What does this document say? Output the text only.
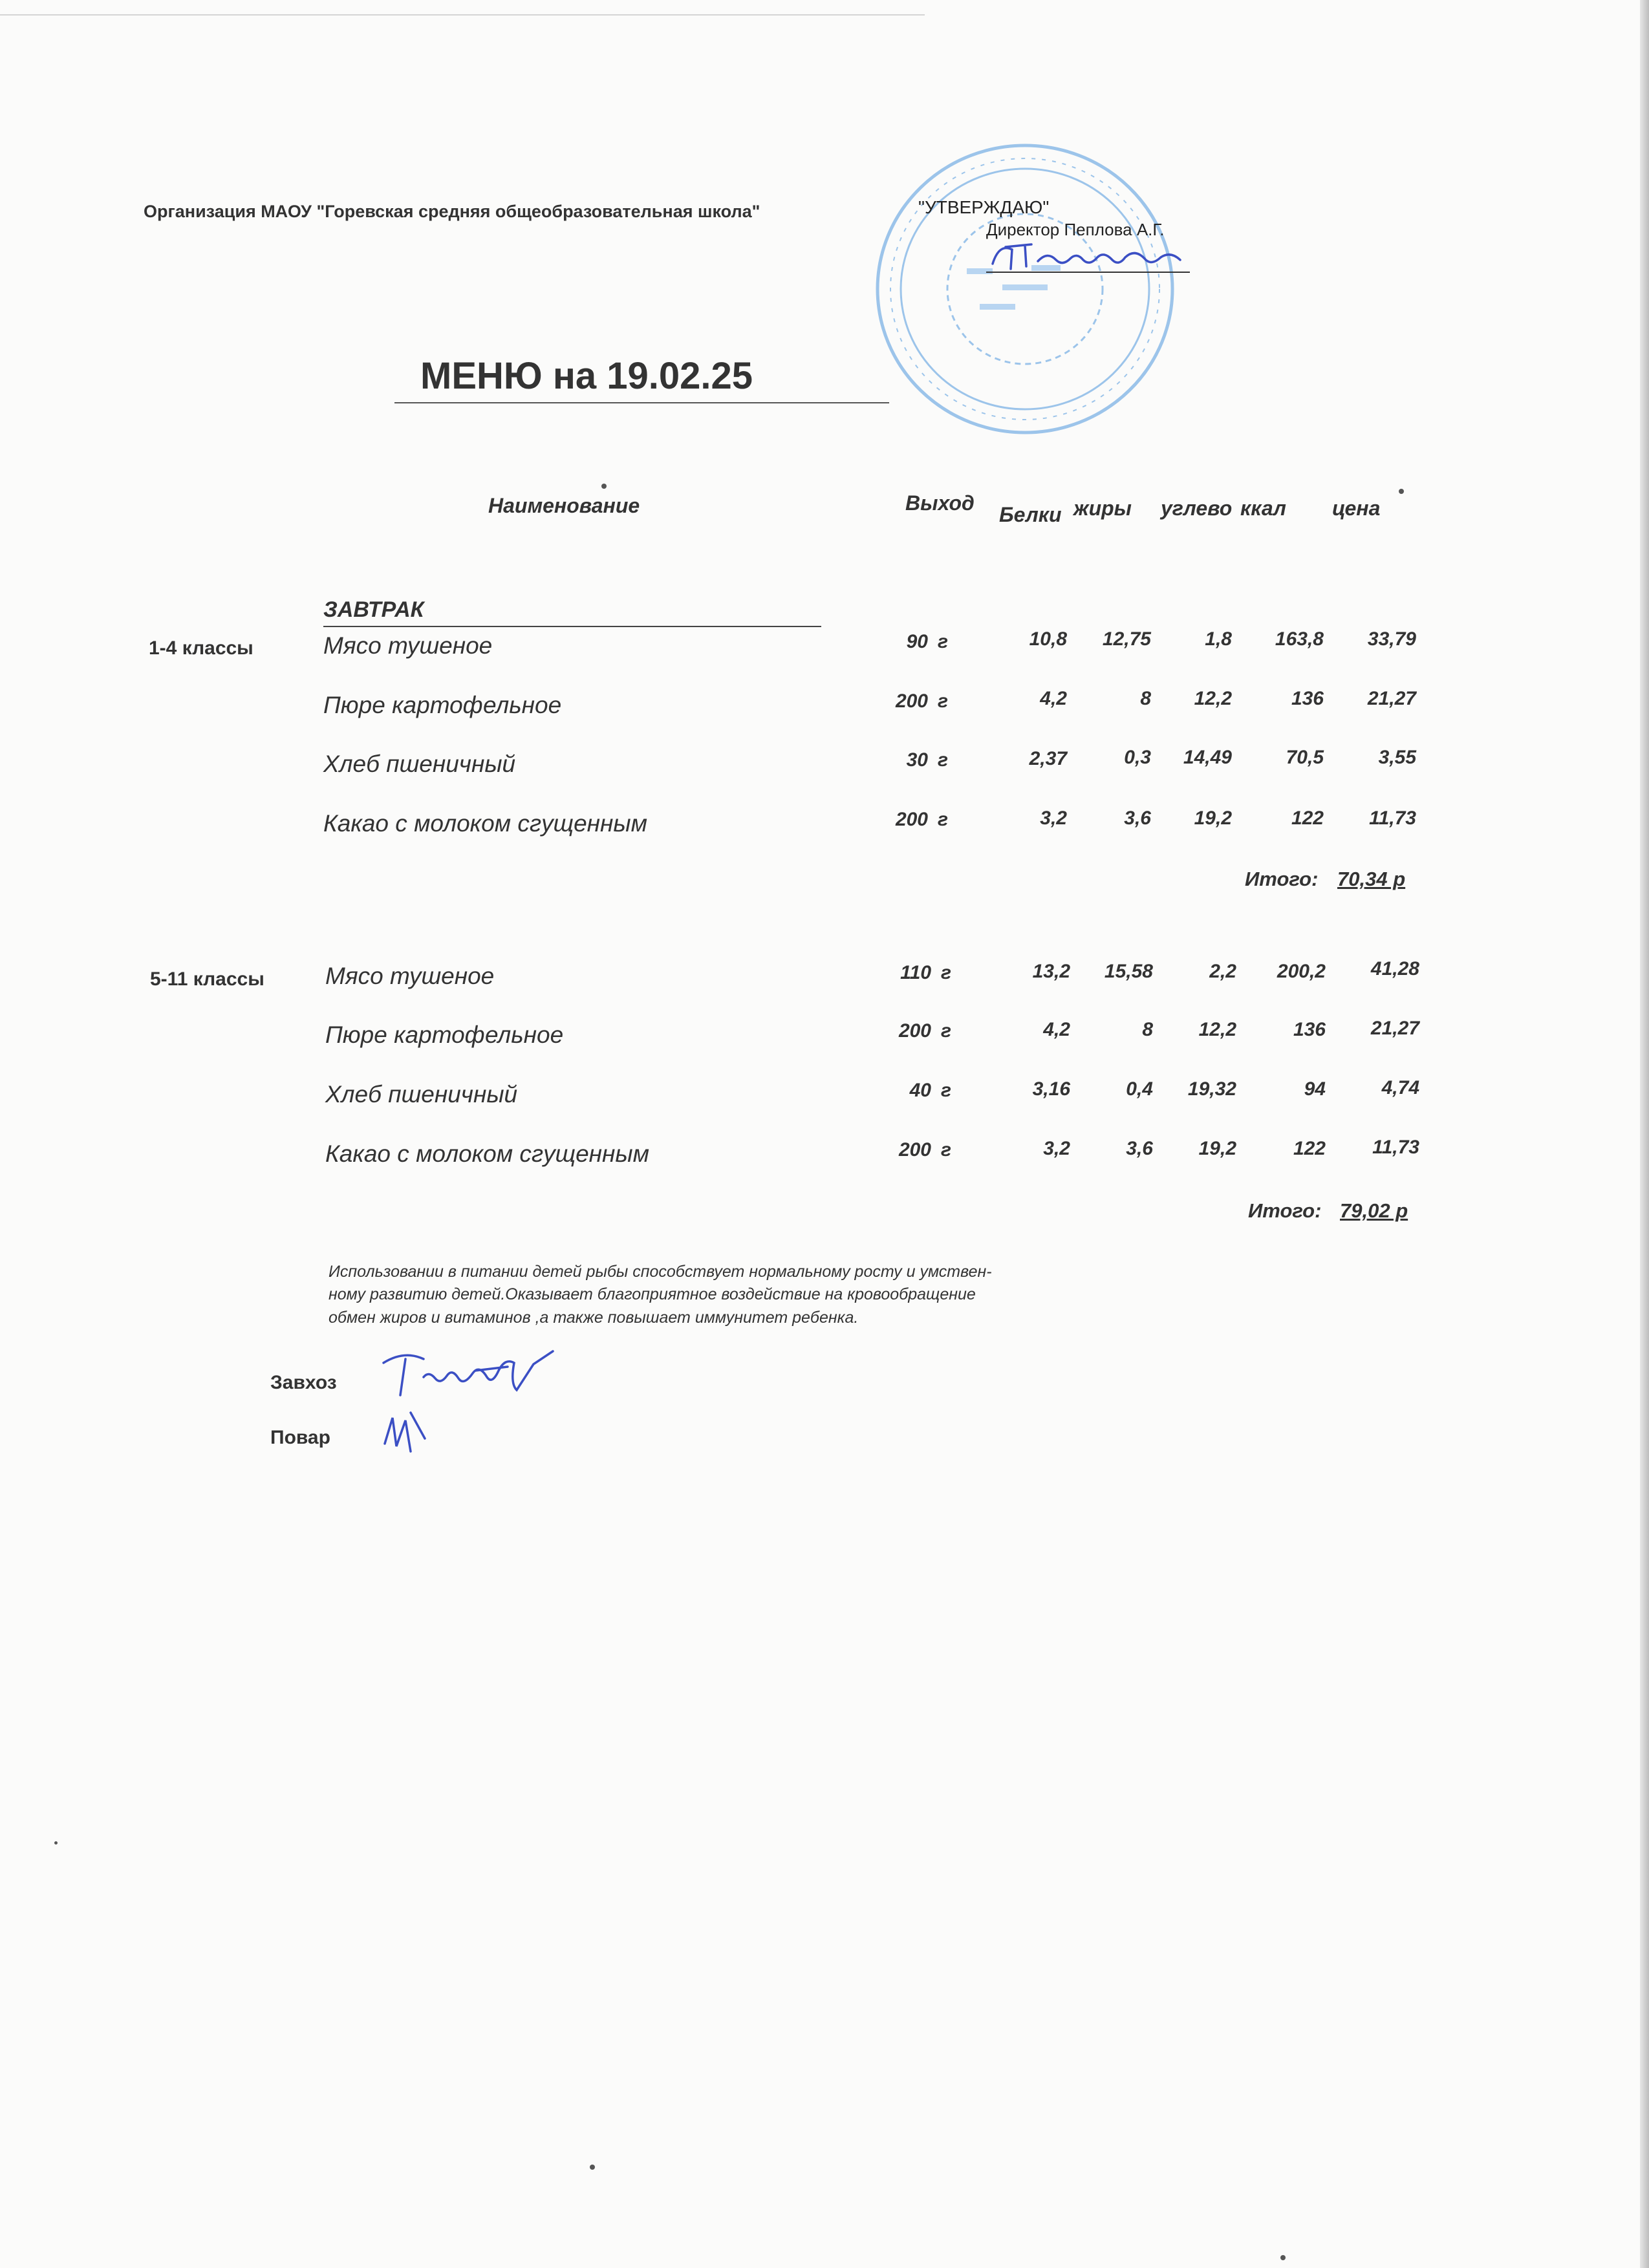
Организация МАОУ "Горевская средняя общеобразовательная школа"	"УТВЕРЖДАЮ"
Директор Пеплова А.Г.
МЕНЮ на 19.02.25
Наименование	Выход Белки жиры углево ккал цена
ЗАВТРАК
1-4 классы	Мясо тушеное	90 г	10,8 12,75	1,8 163,8 33,79
Пюре картофельное	200 г	4,2	8 12,2	136 21,27
Хлеб пшеничный	30 г	2,37	0,3 14,49	70,5	3,55
Какао с молоком сгущенным	200 г	3,2	3,6 19,2	122 11,73
Итого: 70,34 р
5-11 классы	Мясо тушеное	110 г	13,2 15,58	2,2 200,2 41,28
Пюре картофельное	200 г	4,2	8 12,2	136 21,27
Хлеб пшеничный	40 г	3,16	0,4 19,32	94	4,74
Какао с молоком сгущенным	200 г	3,2	3,6 19,2	122 11,73
Итого: 79,02 р
Использовании в питании детей рыбы способствует нормальному росту и умствен-
ному развитию детей.Оказывает благоприятное воздействие на кровообращение
обмен жиров и витаминов ,а также повышает иммунитет ребенка.
Завхоз
Повар
